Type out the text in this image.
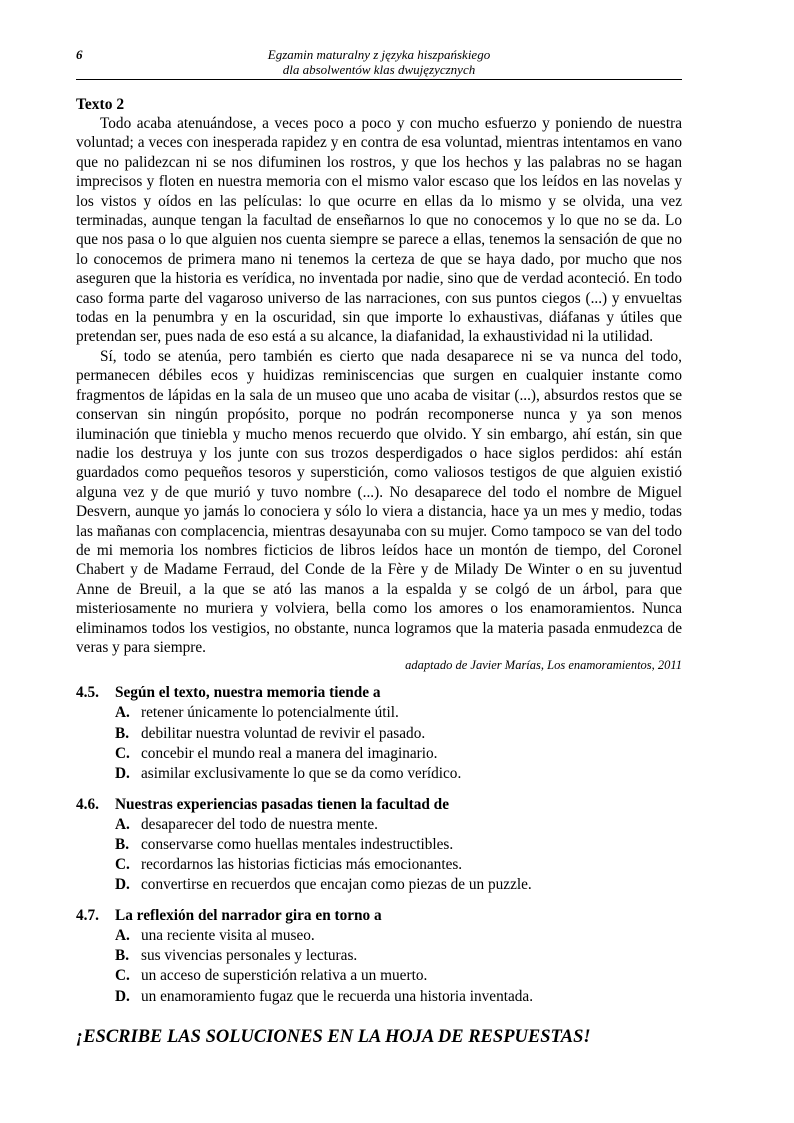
6	Egzamin maturalny z języka hiszpańskiego
dla absolwentów klas dwujęzycznych
Texto 2

Todo acaba atenuándose, a veces poco a poco y con mucho esfuerzo y poniendo de nuestra voluntad; a veces con inesperada rapidez y en contra de esa voluntad, mientras intentamos en vano que no palidezcan ni se nos difuminen los rostros, y que los hechos y las palabras no se hagan imprecisos y floten en nuestra memoria con el mismo valor escaso que los leídos en las novelas y los vistos y oídos en las películas: lo que ocurre en ellas da lo mismo y se olvida, una vez terminadas, aunque tengan la facultad de enseñarnos lo que no conocemos y lo que no se da. Lo que nos pasa o lo que alguien nos cuenta siempre se parece a ellas, tenemos la sensación de que no lo conocemos de primera mano ni tenemos la certeza de que se haya dado, por mucho que nos aseguren que la historia es verídica, no inventada por nadie, sino que de verdad aconteció. En todo caso forma parte del vagaroso universo de las narraciones, con sus puntos ciegos (...) y envueltas todas en la penumbra y en la oscuridad, sin que importe lo exhaustivas, diáfanas y útiles que pretendan ser, pues nada de eso está a su alcance, la diafanidad, la exhaustividad ni la utilidad.

Sí, todo se atenúa, pero también es cierto que nada desaparece ni se va nunca del todo, permanecen débiles ecos y huidizas reminiscencias que surgen en cualquier instante como fragmentos de lápidas en la sala de un museo que uno acaba de visitar (...), absurdos restos que se conservan sin ningún propósito, porque no podrán recomponerse nunca y ya son menos iluminación que tiniebla y mucho menos recuerdo que olvido. Y sin embargo, ahí están, sin que nadie los destruya y los junte con sus trozos desperdigados o hace siglos perdidos: ahí están guardados como pequeños tesoros y superstición, como valiosos testigos de que alguien existió alguna vez y de que murió y tuvo nombre (...). No desaparece del todo el nombre de Miguel Desvern, aunque yo jamás lo conociera y sólo lo viera a distancia, hace ya un mes y medio, todas las mañanas con complacencia, mientras desayunaba con su mujer. Como tampoco se van del todo de mi memoria los nombres ficticios de libros leídos hace un montón de tiempo, del Coronel Chabert y de Madame Ferraud, del Conde de la Fère y de Milady De Winter o en su juventud Anne de Breuil, a la que se ató las manos a la espalda y se colgó de un árbol, para que misteriosamente no muriera y volviera, bella como los amores o los enamoramientos. Nunca eliminamos todos los vestigios, no obstante, nunca logramos que la materia pasada enmudezca de veras y para siempre.

adaptado de Javier Marías, Los enamoramientos, 2011
4.5.	Según el texto, nuestra memoria tiende a
A. retener únicamente lo potencialmente útil.
B. debilitar nuestra voluntad de revivir el pasado.
C. concebir el mundo real a manera del imaginario.
D. asimilar exclusivamente lo que se da como verídico.
4.6.	Nuestras experiencias pasadas tienen la facultad de
A. desaparecer del todo de nuestra mente.
B. conservarse como huellas mentales indestructibles.
C. recordarnos las historias ficticias más emocionantes.
D. convertirse en recuerdos que encajan como piezas de un puzzle.
4.7.	La reflexión del narrador gira en torno a
A. una reciente visita al museo.
B. sus vivencias personales y lecturas.
C. un acceso de superstición relativa a un muerto.
D. un enamoramiento fugaz que le recuerda una historia inventada.
¡ESCRIBE LAS SOLUCIONES EN LA HOJA DE RESPUESTAS!
